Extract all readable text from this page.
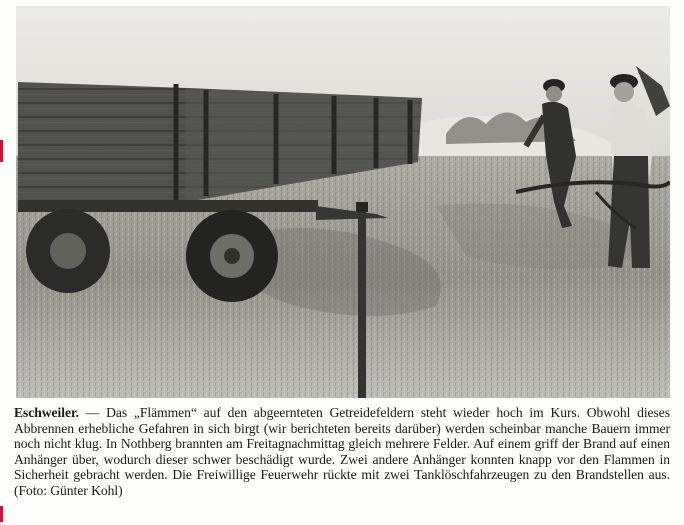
Eschweiler. — Das „Flämmen“ auf den abgeernteten Getreidefeldern steht wieder hoch im Kurs. Obwohl dieses Abbrennen erhebliche Gefahren in sich birgt (wir berichteten bereits darüber) werden scheinbar manche Bauern immer noch nicht klug. In Nothberg brannten am Freitagnachmittag gleich mehrere Felder. Auf einem griff der Brand auf einen Anhänger über, wodurch dieser schwer beschädigt wurde. Zwei andere Anhänger konnten knapp vor den Flammen in Sicherheit gebracht werden. Die Freiwillige Feuerwehr rückte mit zwei Tanklöschfahrzeugen zu den Brandstellen aus. (Foto: Günter Kohl)
